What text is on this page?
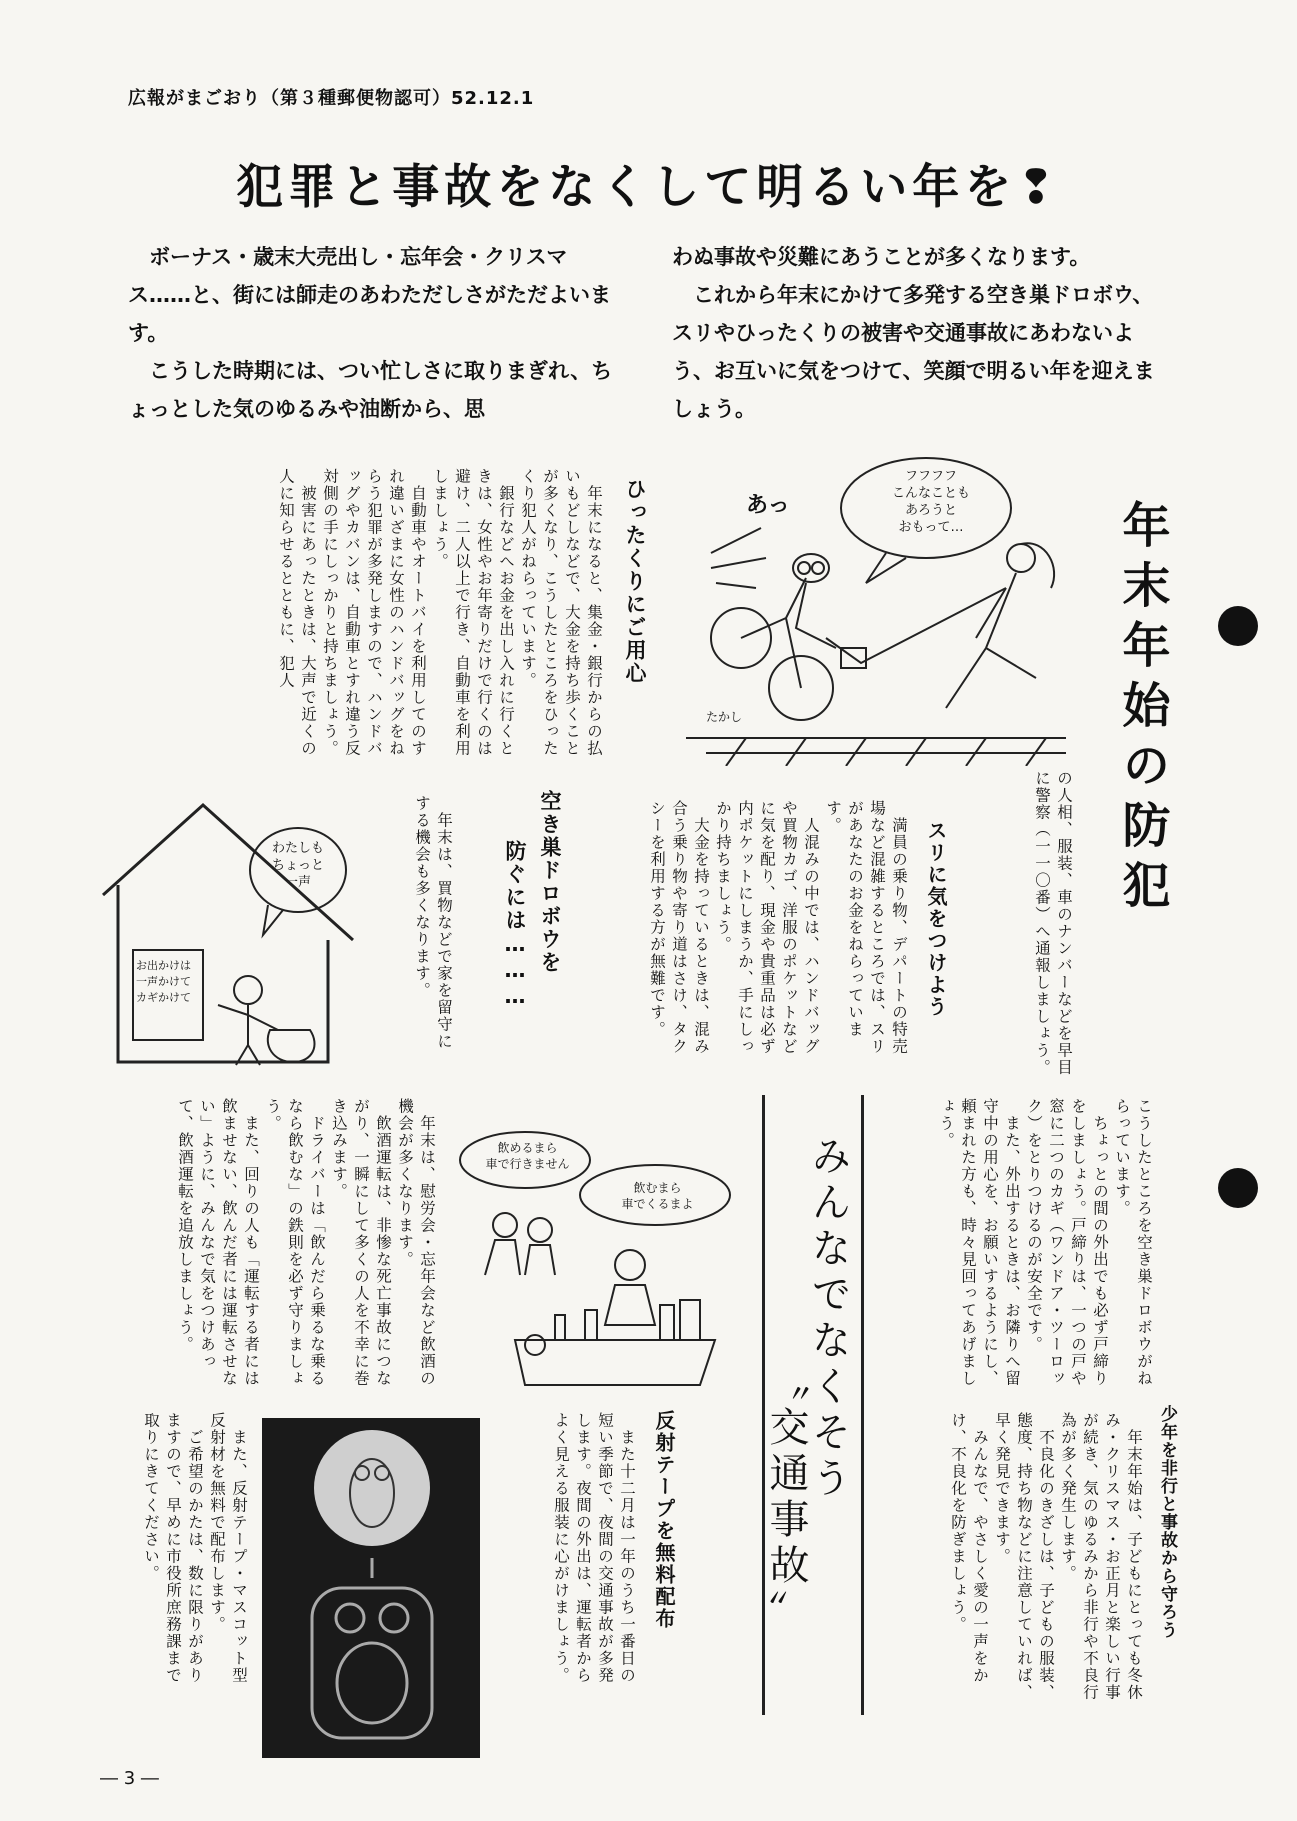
広報がまごおり（第３種郵便物認可）52.12.1
犯罪と事故をなくして明るい年を❢
　ボーナス・歳末大売出し・忘年会・クリスマス……と、街には師走のあわただしさがただよいます。
　こうした時期には、つい忙しさに取りまぎれ、ちょっとした気のゆるみや油断から、思
わぬ事故や災難にあうことが多くなります。
　これから年末にかけて多発する空き巣ドロボウ、スリやひったくりの被害や交通事故にあわないよう、お互いに気をつけて、笑顔で明るい年を迎えましょう。
年末年始の防犯
ひったくりにご用心
　年末になると、集金・銀行からの払いもどしなどで、大金を持ち歩くことが多くなり、こうしたところをひったくり犯人がねらっています。
　銀行などへお金を出し入れに行くときは、女性やお年寄りだけで行くのは避け、二人以上で行き、自動車を利用しましょう。
　自動車やオートバイを利用してのすれ違いざまに女性のハンドバッグをねらう犯罪が多発しますので、ハンドバッグやカバンは、自動車とすれ違う反対側の手にしっかりと持ちましょう。
　被害にあったときは、大声で近くの人に知らせるとともに、犯人	フフフフ
こんなことも
あろうと
おもって…
あっ
たかし
の人相、服装、車のナンバーなどを早目に警察（一一〇番）へ通報しましょう。
スリに気をつけよう
　満員の乗り物、デパートの特売場など混雑するところでは、スリがあなたのお金をねらっています。
　人混みの中では、ハンドバッグや買物カゴ、洋服のポケットなどに気を配り、現金や貴重品は必ず内ポケットにしまうか、手にしっかり持ちましょう。
　大金を持っているときは、混み合う乗り物や寄り道はさけ、タクシーを利用する方が無難です。
空き巣ドロボウを
防ぐには………
　年末は、買物などで家を留守にする機会も多くなります。
わたしも
ちょっと
一声
お出かけは
一声かけて
カギかけて
こうしたところを空き巣ドロボウがねらっています。
　ちょっとの間の外出でも必ず戸締りをしましょう。戸締りは、一つの戸や窓に二つのカギ（ワンドア・ツーロック）をとりつけるのが安全です。
　また、外出するときは、お隣りへ留守中の用心を、お願いするようにし、頼まれた方も、時々見回ってあげましょう。
みんなでなくそう
〝交通事故〟	少年を非行と事故から守ろう
　年末年始は、子どもにとっても冬休み・クリスマス・お正月と楽しい行事が続き、気のゆるみから非行や不良行為が多く発生します。
　不良化のきざしは、子どもの服装、態度、持ち物などに注意していれば、早く発見できます。
　みんなで、やさしく愛の一声をかけ、不良化を防ぎましょう。
　年末は、慰労会・忘年会など飲酒の機会が多くなります。
　飲酒運転は、非惨な死亡事故につながり、一瞬にして多くの人を不幸に巻き込みます。
　ドライバーは「飲んだら乗るな乗るなら飲むな」の鉄則を必ず守りましょう。
　また、回りの人も「運転する者には飲ませない、飲んだ者には運転させない」ように、みんなで気をつけあって、飲酒運転を追放しましょう。	飲めるまら
車で行きません
飲むまら
車でくるまよ
反射テープを無料配布
　また十二月は一年のうち一番日の短い季節で、夜間の交通事故が多発します。夜間の外出は、運転者からよく見える服装に心がけましょう。
　また、反射テープ・マスコット型反射材を無料で配布します。
　ご希望のかたは、数に限りがありますので、早めに市役所庶務課まで取りにきてください。
― 3 ―
